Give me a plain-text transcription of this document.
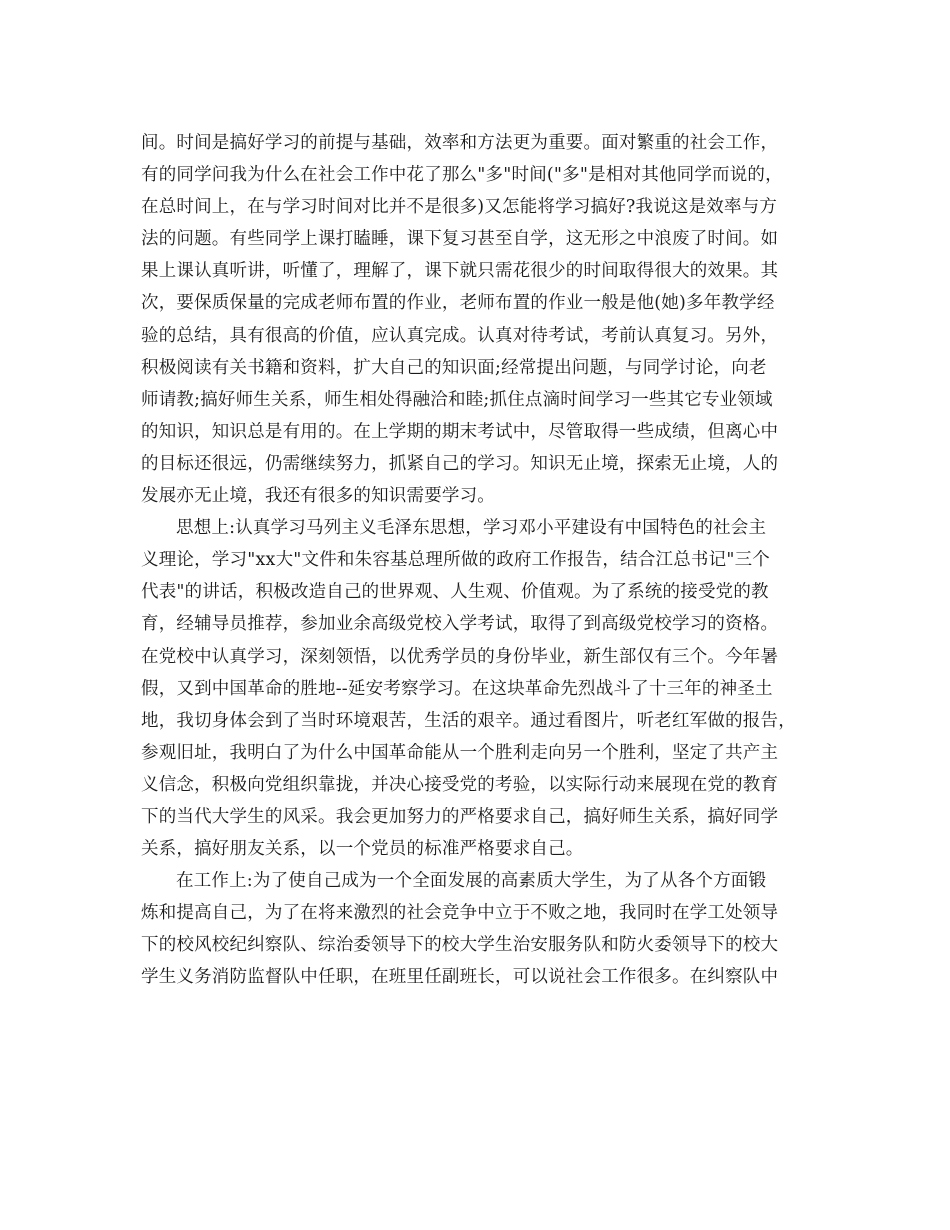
间。时间是搞好学习的前提与基础，效率和方法更为重要。面对繁重的社会工作，
有的同学问我为什么在社会工作中花了那么"多"时间("多"是相对其他同学而说的，
在总时间上，在与学习时间对比并不是很多)又怎能将学习搞好?我说这是效率与方
法的问题。有些同学上课打瞌睡，课下复习甚至自学，这无形之中浪废了时间。如
果上课认真听讲，听懂了，理解了，课下就只需花很少的时间取得很大的效果。其
次，要保质保量的完成老师布置的作业，老师布置的作业一般是他(她)多年教学经
验的总结，具有很高的价值，应认真完成。认真对待考试，考前认真复习。另外，
积极阅读有关书籍和资料，扩大自己的知识面;经常提出问题，与同学讨论，向老
师请教;搞好师生关系，师生相处得融洽和睦;抓住点滴时间学习一些其它专业领域
的知识，知识总是有用的。在上学期的期末考试中，尽管取得一些成绩，但离心中
的目标还很远，仍需继续努力，抓紧自己的学习。知识无止境，探索无止境，人的
发展亦无止境，我还有很多的知识需要学习。
思想上:认真学习马列主义毛泽东思想，学习邓小平建设有中国特色的社会主
义理论，学习"xx大"文件和朱容基总理所做的政府工作报告，结合江总书记"三个
代表"的讲话，积极改造自己的世界观、人生观、价值观。为了系统的接受党的教
育，经辅导员推荐，参加业余高级党校入学考试，取得了到高级党校学习的资格。
在党校中认真学习，深刻领悟，以优秀学员的身份毕业，新生部仅有三个。今年暑
假，又到中国革命的胜地--延安考察学习。在这块革命先烈战斗了十三年的神圣土
地，我切身体会到了当时环境艰苦，生活的艰辛。通过看图片，听老红军做的报告，
参观旧址，我明白了为什么中国革命能从一个胜利走向另一个胜利，坚定了共产主
义信念，积极向党组织靠拢，并决心接受党的考验，以实际行动来展现在党的教育
下的当代大学生的风采。我会更加努力的严格要求自己，搞好师生关系，搞好同学
关系，搞好朋友关系，以一个党员的标准严格要求自己。
在工作上:为了使自己成为一个全面发展的高素质大学生，为了从各个方面锻
炼和提高自己，为了在将来激烈的社会竞争中立于不败之地，我同时在学工处领导
下的校风校纪纠察队、综治委领导下的校大学生治安服务队和防火委领导下的校大
学生义务消防监督队中任职，在班里任副班长，可以说社会工作很多。在纠察队中
